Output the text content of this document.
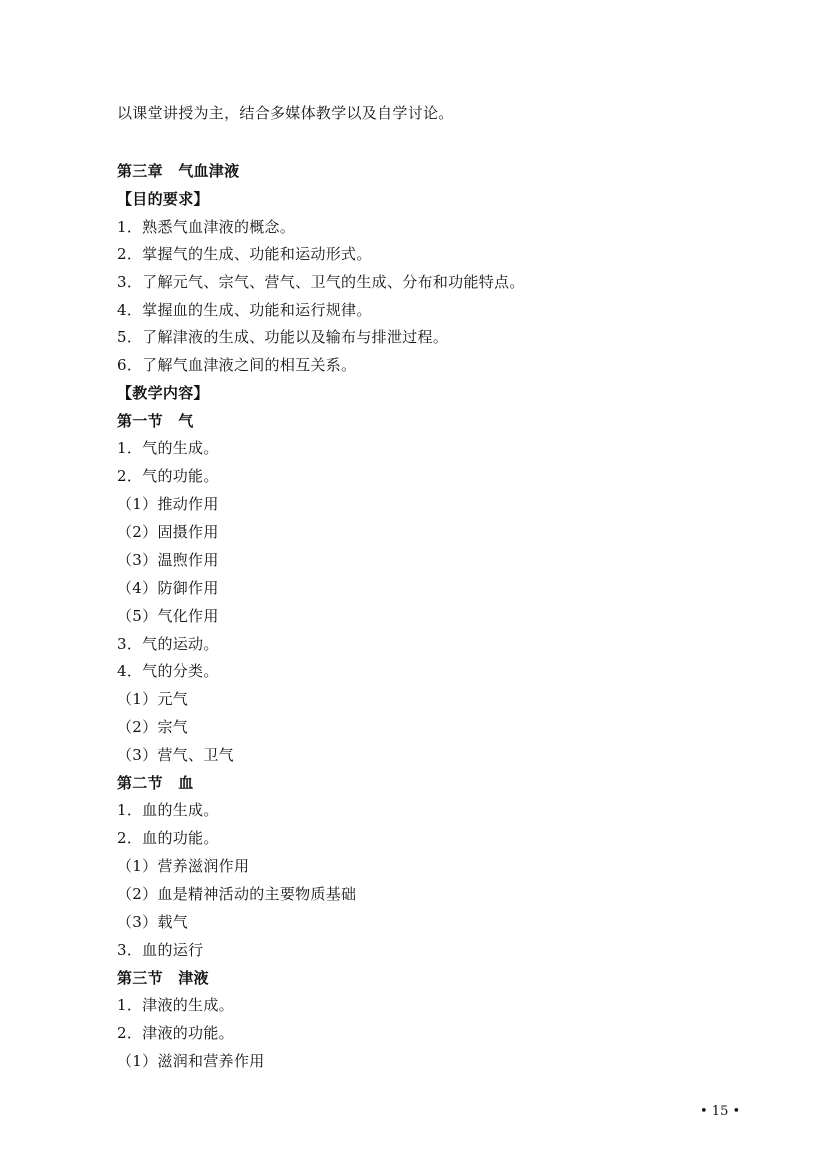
以课堂讲授为主，结合多媒体教学以及自学讨论。
第三章　气血津液
【目的要求】
1．熟悉气血津液的概念。
2．掌握气的生成、功能和运动形式。
3．了解元气、宗气、营气、卫气的生成、分布和功能特点。
4．掌握血的生成、功能和运行规律。
5．了解津液的生成、功能以及输布与排泄过程。
6．了解气血津液之间的相互关系。
【教学内容】
第一节　气
1．气的生成。
2．气的功能。
（1）推动作用
（2）固摄作用
（3）温煦作用
（4）防御作用
（5）气化作用
3．气的运动。
4．气的分类。
（1）元气
（2）宗气
（3）营气、卫气
第二节　血
1．血的生成。
2．血的功能。
（1）营养滋润作用
（2）血是精神活动的主要物质基础
（3）载气
3．血的运行
第三节　津液
1．津液的生成。
2．津液的功能。
（1）滋润和营养作用
• 15 •
